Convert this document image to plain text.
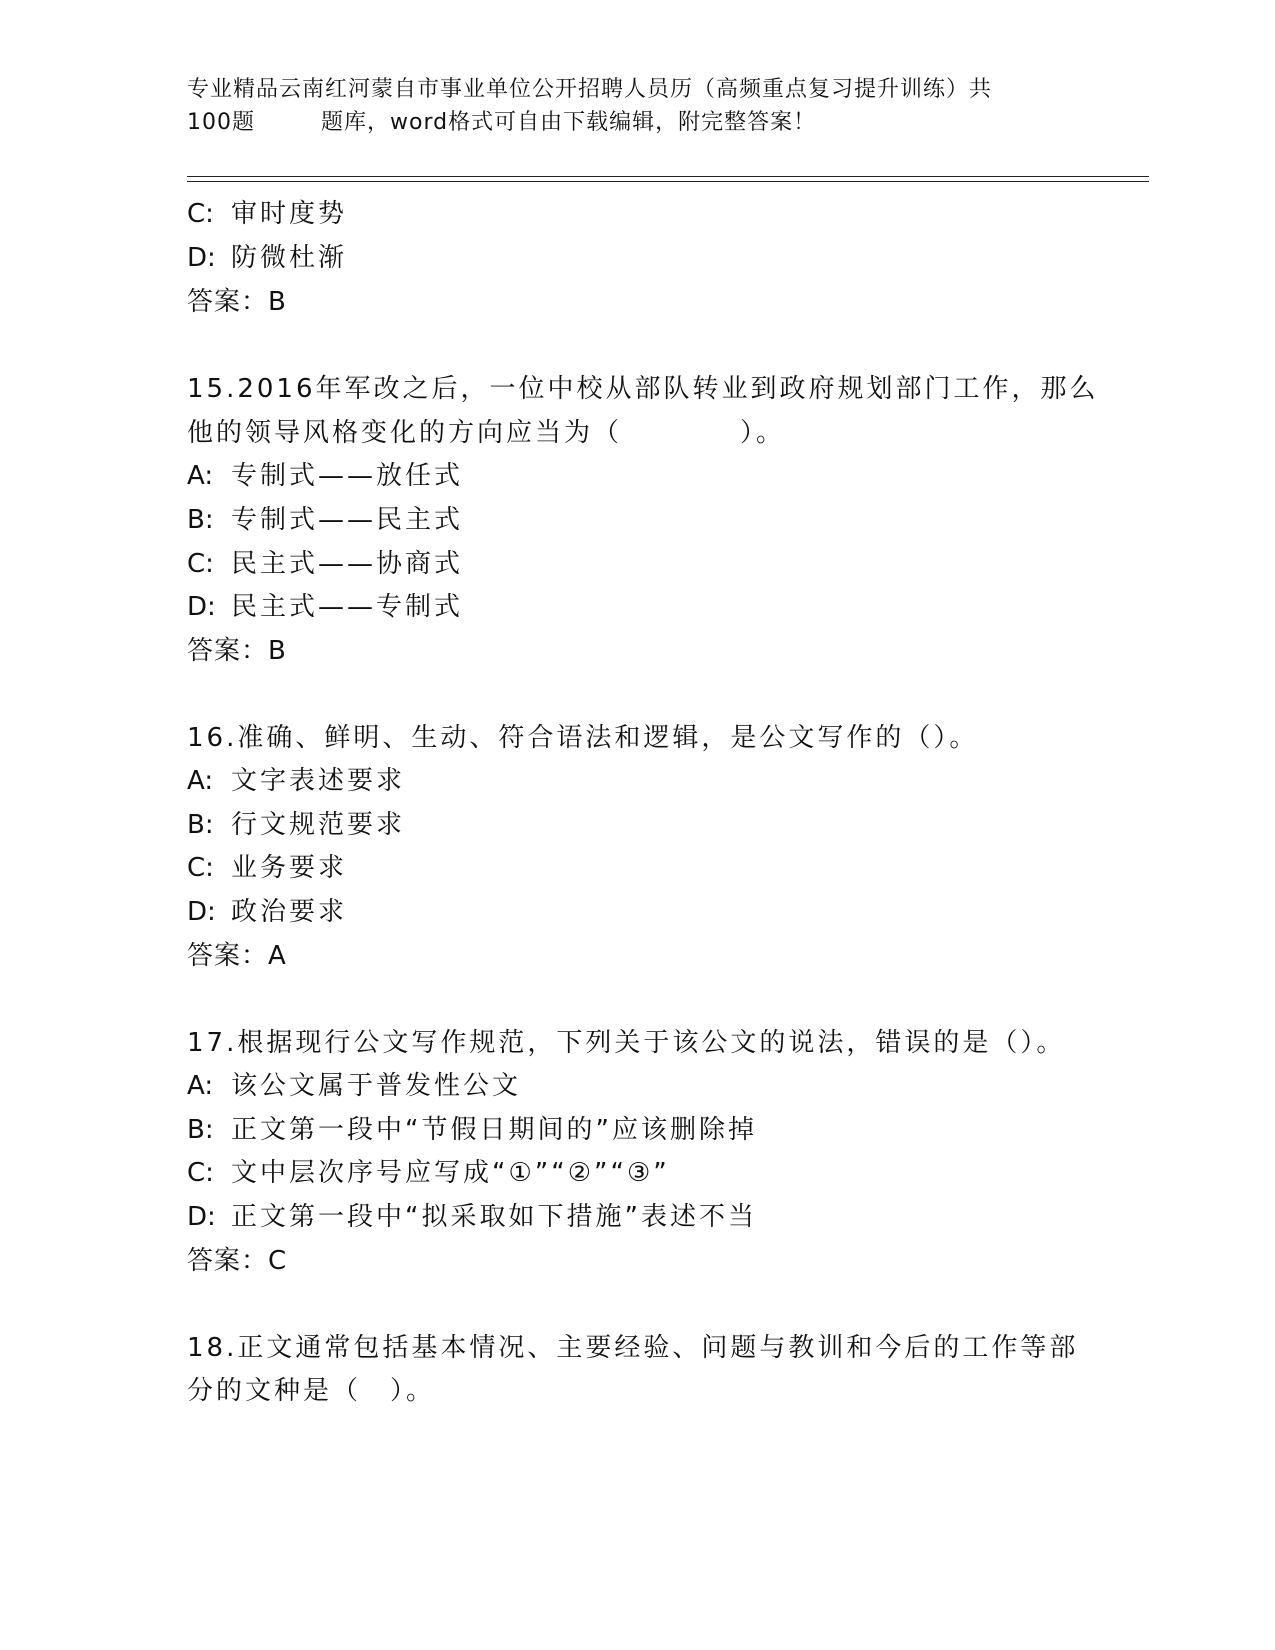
专业精品云南红河蒙自市事业单位公开招聘人员历（高频重点复习提升训练）共
100题	题库，word格式可自由下载编辑，附完整答案！
C: 审时度势
D: 防微杜渐
答案：B
15.2016年军改之后，一位中校从部队转业到政府规划部门工作，那么
他的领导风格变化的方向应当为（	）。
A: 专制式——放任式
B: 专制式——民主式
C: 民主式——协商式
D: 民主式——专制式
答案：B
16.准确、鲜明、生动、符合语法和逻辑，是公文写作的（）。
A: 文字表述要求
B: 行文规范要求
C: 业务要求
D: 政治要求
答案：A
17.根据现行公文写作规范，下列关于该公文的说法，错误的是（）。
A: 该公文属于普发性公文
B: 正文第一段中“节假日期间的”应该删除掉
C: 文中层次序号应写成“①”“②”“③”
D: 正文第一段中“拟采取如下措施”表述不当
答案：C
18.正文通常包括基本情况、主要经验、问题与教训和今后的工作等部
分的文种是（　）。
